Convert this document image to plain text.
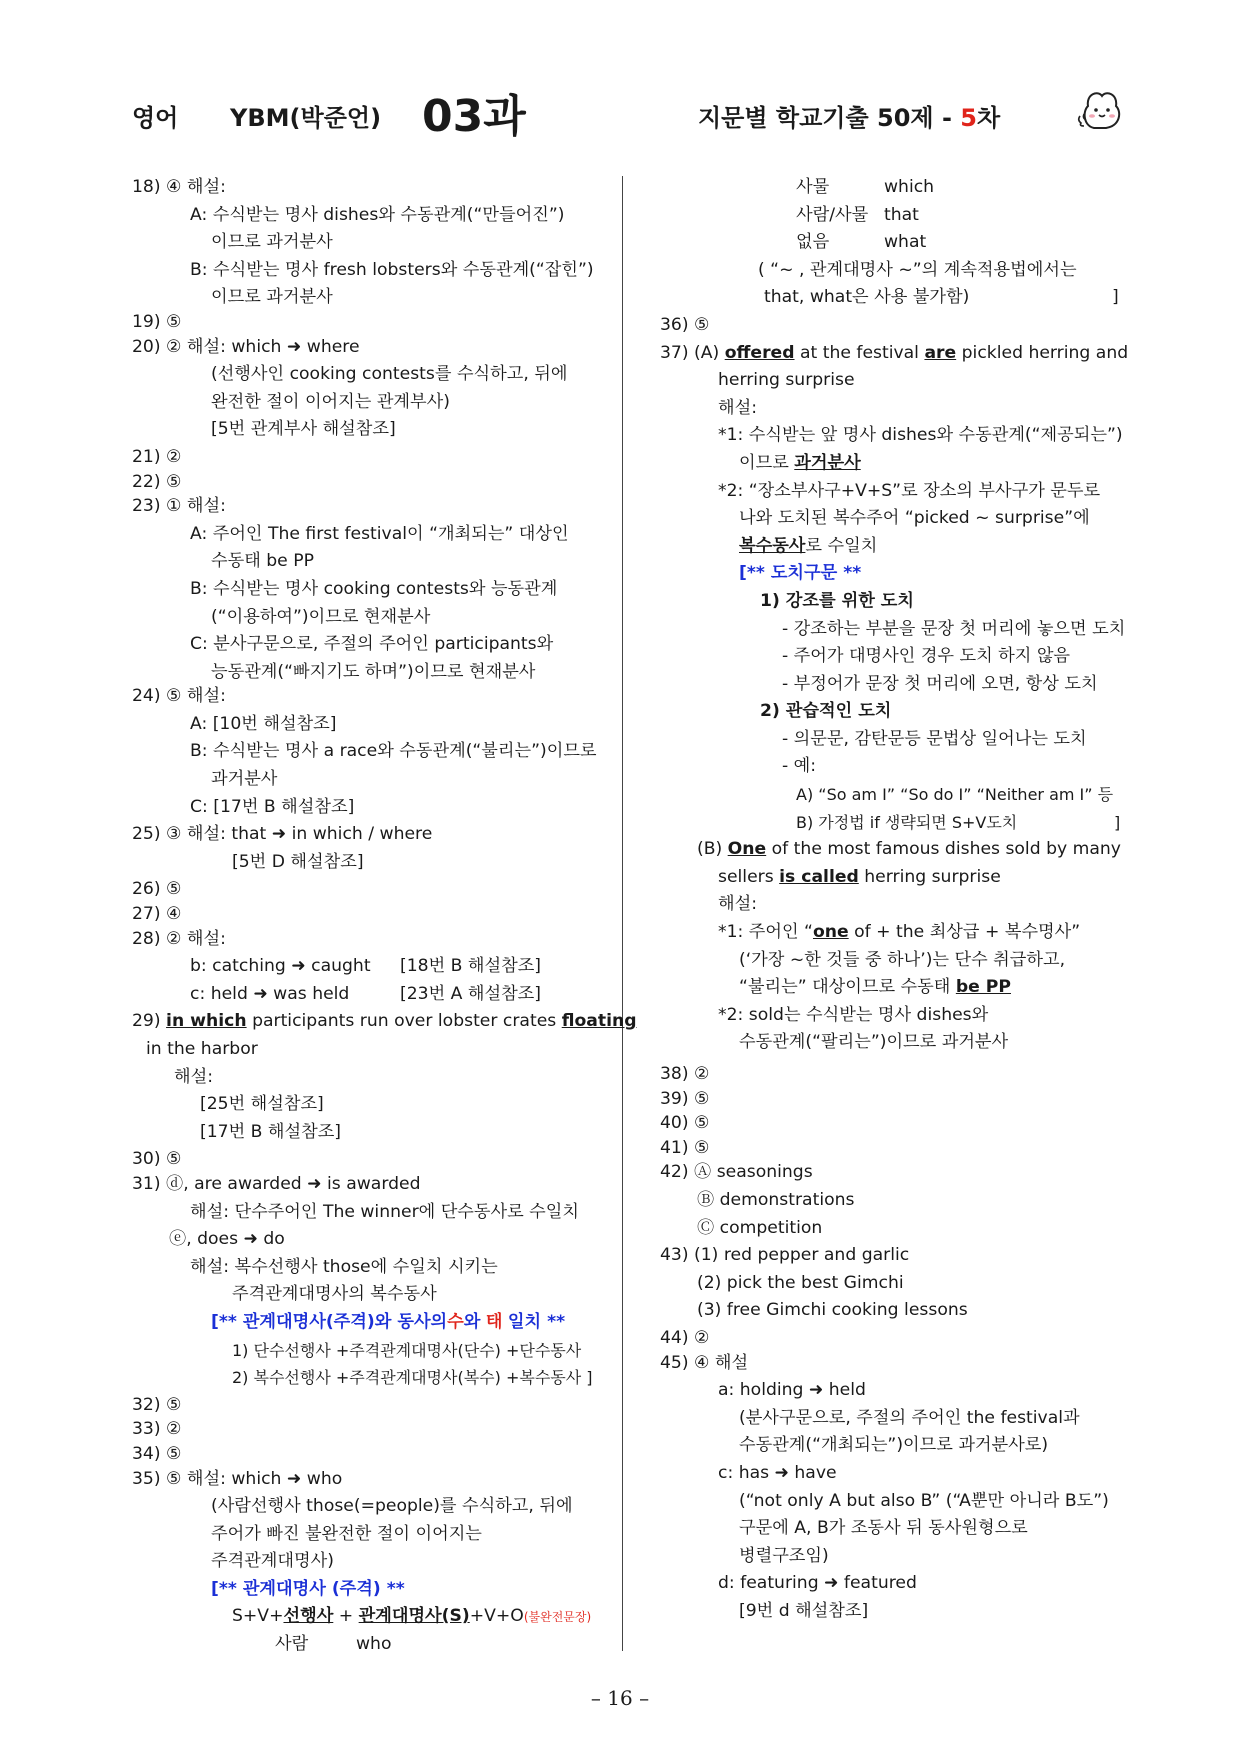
영어 YBM(박준언) 03과	지문별 학교기출 50제 - 5차
18) ④ 해설:
A: 수식받는 명사 dishes와 수동관계(“만들어진”)
이므로 과거분사
B: 수식받는 명사 fresh lobsters와 수동관계(“잡힌”)
이므로 과거분사
19) ⑤
20) ② 해설: which ➜ where
(선행사인 cooking contests를 수식하고, 뒤에
완전한 절이 이어지는 관계부사)
[5번 관계부사 해설참조]
21) ②
22) ⑤
23) ① 해설:
A: 주어인 The first festival이 “개최되는” 대상인
수동태 be PP
B: 수식받는 명사 cooking contests와 능동관계
(“이용하여”)이므로 현재분사
C: 분사구문으로, 주절의 주어인 participants와
능동관계(“빠지기도 하며”)이므로 현재분사
24) ⑤ 해설:
A: [10번 해설참조]
B: 수식받는 명사 a race와 수동관계(“불리는”)이므로
과거분사
C: [17번 B 해설참조]
25) ③ 해설: that ➜ in which / where
[5번 D 해설참조]
26) ⑤
27) ④
28) ② 해설:
b: catching ➜ caught [18번 B 해설참조]
c: held ➜ was held	[23번 A 해설참조]
29) in which participants run over lobster crates floating
in the harbor
해설:
[25번 해설참조]
[17번 B 해설참조]
30) ⑤
31) ⓓ, are awarded ➜ is awarded
해설: 단수주어인 The winner에 단수동사로 수일치
ⓔ, does ➜ do
해설: 복수선행사 those에 수일치 시키는
주격관계대명사의 복수동사
[** 관계대명사(주격)와 동사의수와 태 일치 **
1) 단수선행사 +주격관계대명사(단수) +단수동사
2) 복수선행사 +주격관계대명사(복수) +복수동사 ]
32) ⑤
33) ②
34) ⑤
35) ⑤ 해설: which ➜ who
(사람선행사 those(=people)를 수식하고, 뒤에
주어가 빠진 불완전한 절이 이어지는
주격관계대명사)
[** 관계대명사 (주격) **
S+V+선행사 + 관계대명사(S)+V+O(불완전문장)
사람	who
사물	which
사람/사물 that
없음	what
( “~ , 관계대명사 ~”의 계속적용법에서는
that, what은 사용 불가함)	]
36) ⑤
37) (A) offered at the festival are pickled herring and
herring surprise
해설:
*1: 수식받는 앞 명사 dishes와 수동관계(“제공되는”)
이므로 과거분사
*2: “장소부사구+V+S”로 장소의 부사구가 문두로
나와 도치된 복수주어 “picked ~ surprise”에
복수동사로 수일치
[** 도치구문 **
1) 강조를 위한 도치
- 강조하는 부분을 문장 첫 머리에 놓으면 도치
- 주어가 대명사인 경우 도치 하지 않음
- 부정어가 문장 첫 머리에 오면, 항상 도치
2) 관습적인 도치
- 의문문, 감탄문등 문법상 일어나는 도치
- 예:
A) “So am I” “So do I” “Neither am I” 등
B) 가정법 if 생략되면 S+V도치	]
(B) One of the most famous dishes sold by many
sellers is called herring surprise
해설:
*1: 주어인 “one of + the 최상급 + 복수명사”
(‘가장 ~한 것들 중 하나’)는 단수 취급하고,
“불리는” 대상이므로 수동태 be PP
*2: sold는 수식받는 명사 dishes와
수동관계(“팔리는”)이므로 과거분사
38) ②
39) ⑤
40) ⑤
41) ⑤
42) Ⓐ seasonings
Ⓑ demonstrations
Ⓒ competition
43) (1) red pepper and garlic
(2) pick the best Gimchi
(3) free Gimchi cooking lessons
44) ②
45) ④ 해설
a: holding ➜ held
(분사구문으로, 주절의 주어인 the festival과
수동관계(“개최되는”)이므로 과거분사로)
c: has ➜ have
(“not only A but also B” (“A뿐만 아니라 B도”)
구문에 A, B가 조동사 뒤 동사원형으로
병렬구조임)
d: featuring ➜ featured
[9번 d 해설참조]
– 16 –
